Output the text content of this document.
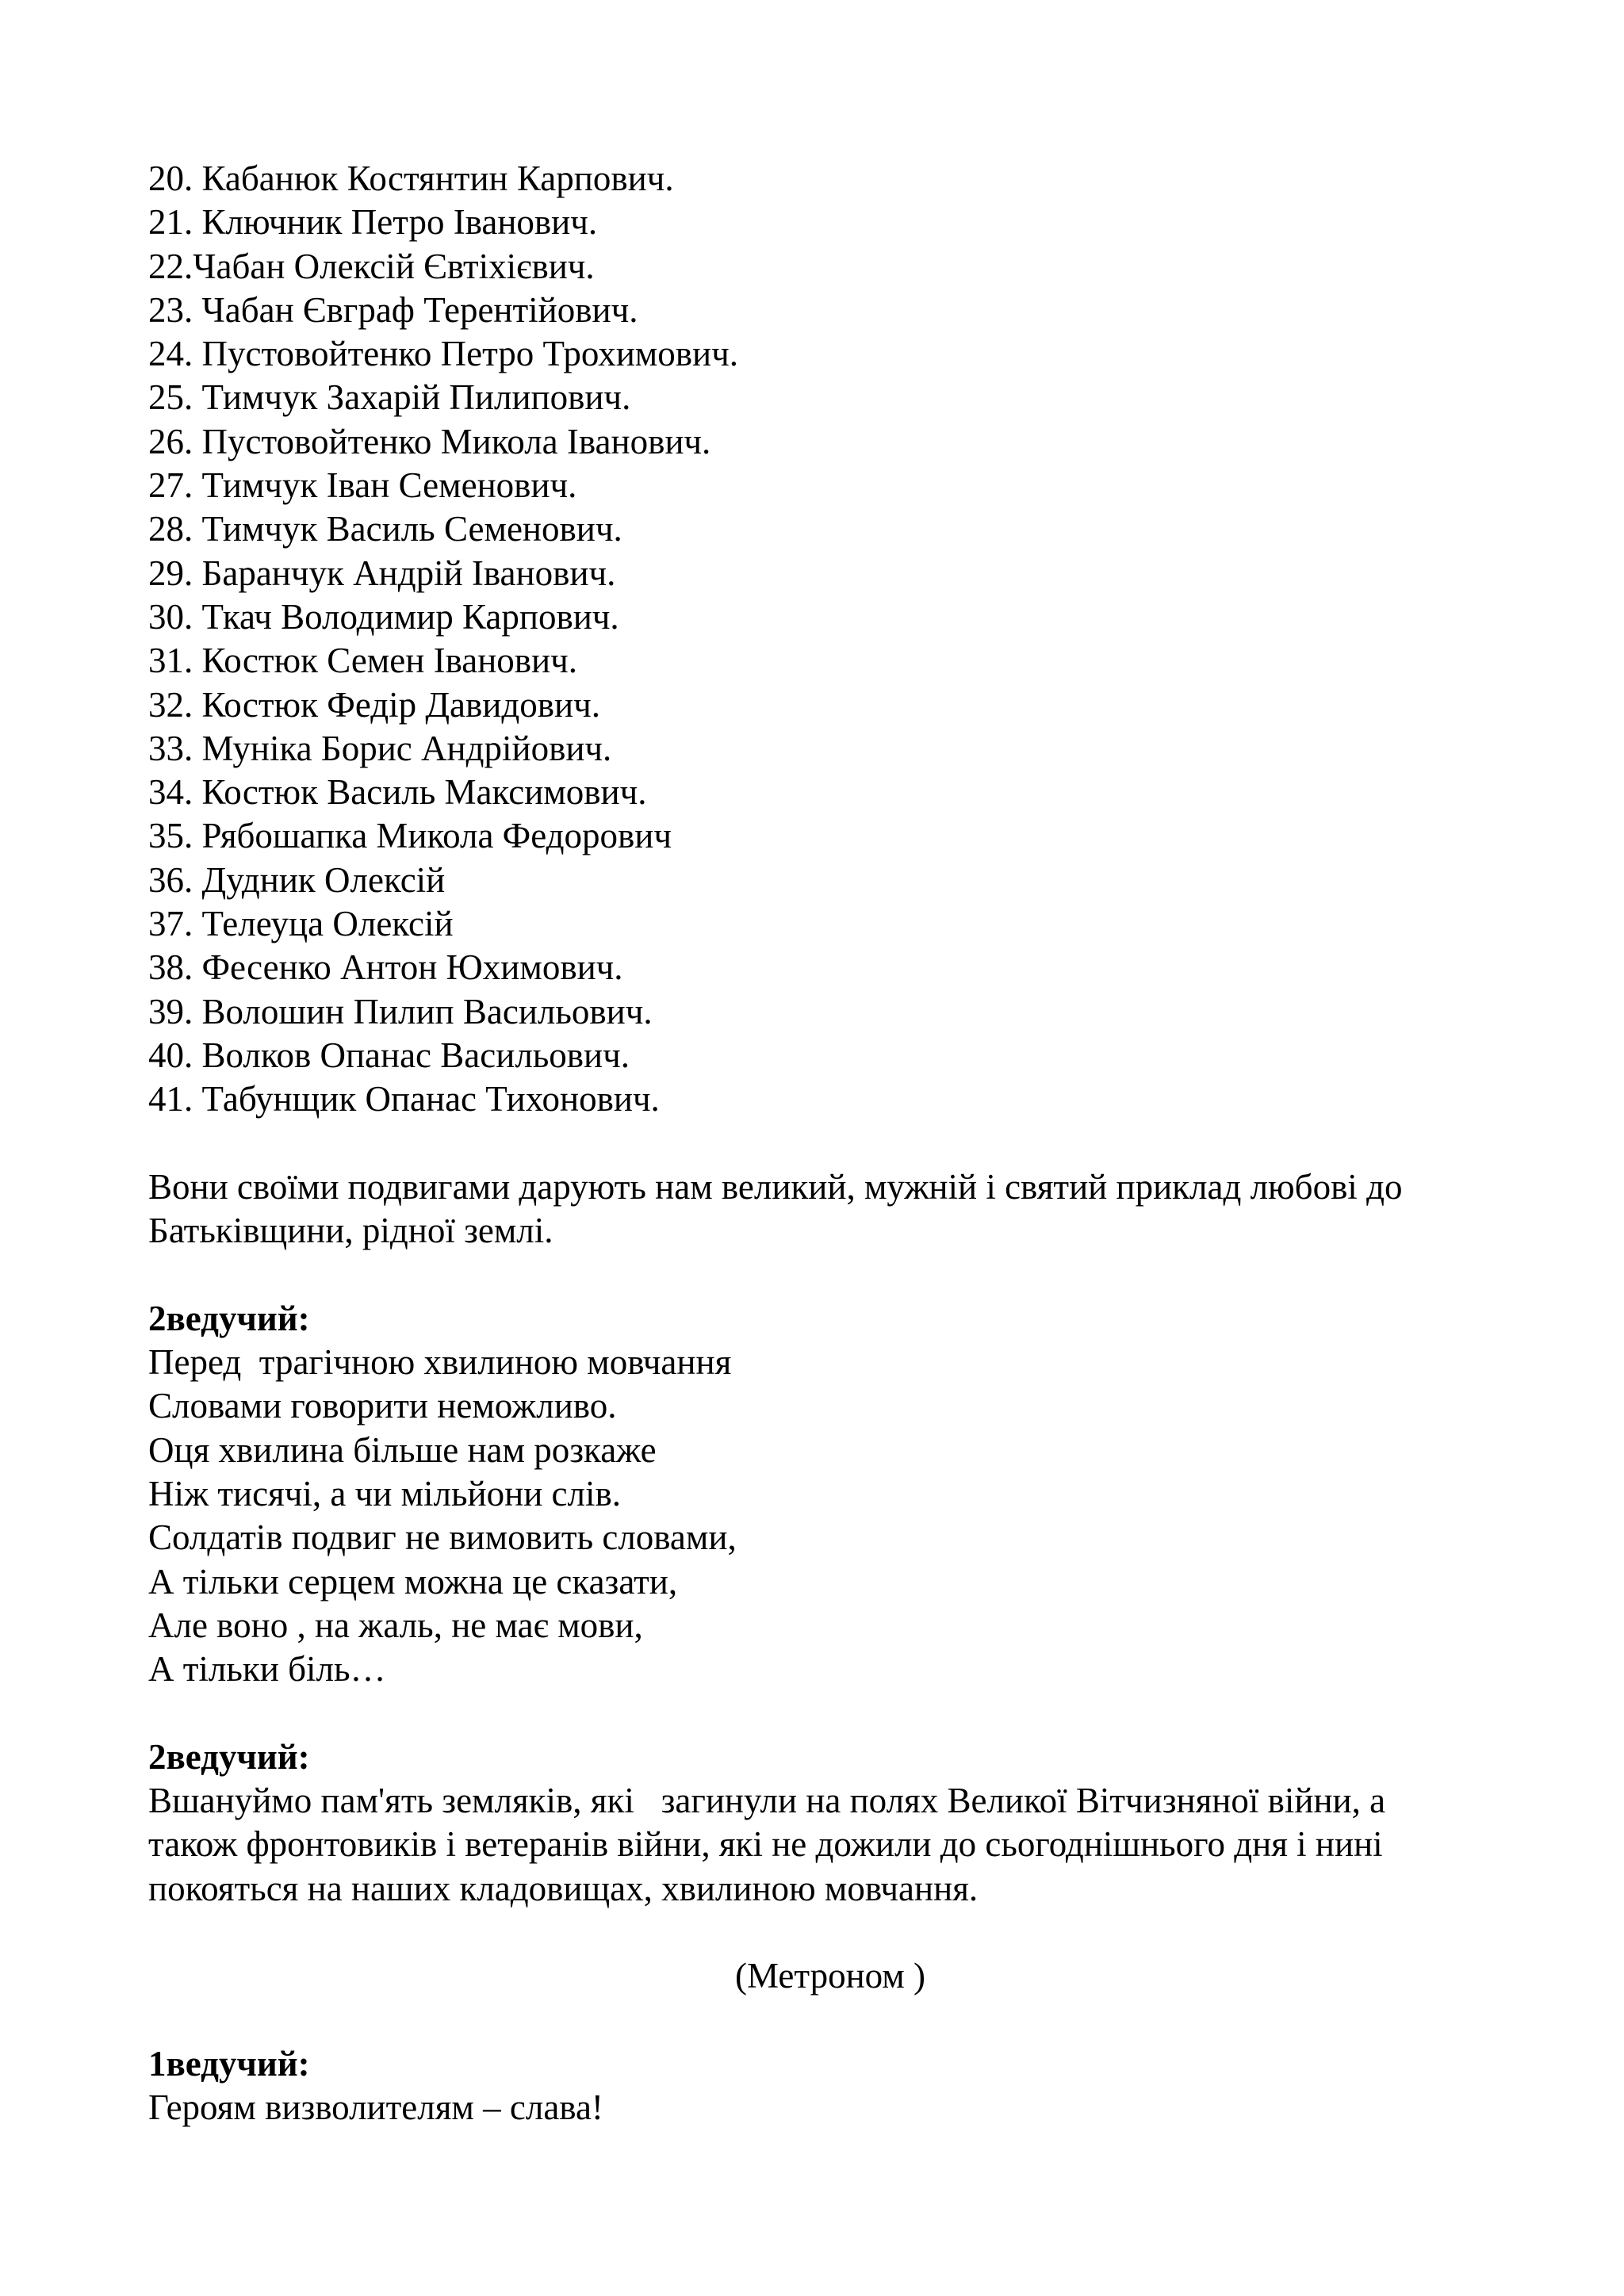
20. Кабанюк Костянтин Карпович.
21. Ключник Петро Іванович.
22.Чабан Олексій Євтіхієвич.
23. Чабан Євграф Терентійович.
24. Пустовойтенко Петро Трохимович.
25. Тимчук Захарій Пилипович.
26. Пустовойтенко Микола Іванович.
27. Тимчук Іван Семенович.
28. Тимчук Василь Семенович.
29. Баранчук Андрій Іванович.
30. Ткач Володимир Карпович.
31. Костюк Семен Іванович.
32. Костюк Федір Давидович.
33. Муніка Борис Андрійович.
34. Костюк Василь Максимович.
35. Рябошапка Микола Федорович
36. Дудник Олексій
37. Телеуца Олексій
38. Фесенко Антон Юхимович.
39. Волошин Пилип Васильович.
40. Волков Опанас Васильович.
41. Табунщик Опанас Тихонович.
Вони своїми подвигами дарують нам великий, мужній і святий приклад любові до
Батьківщини, рідної землі.
2ведучий:
Перед  трагічною хвилиною мовчання
Словами говорити неможливо.
Оця хвилина більше нам розкаже
Ніж тисячі, а чи мільйони слів.
Солдатів подвиг не вимовить словами,
А тільки серцем можна це сказати,
Але воно , на жаль, не має мови,
А тільки біль…
2ведучий:
Вшануймо пам'ять земляків, які   загинули на полях Великої Вітчизняної війни, а
також фронтовиків і ветеранів війни, які не дожили до сьогоднішнього дня і нині
покояться на наших кладовищах, хвилиною мовчання.
(Метроном )
1ведучий:
Героям визволителям – слава!
